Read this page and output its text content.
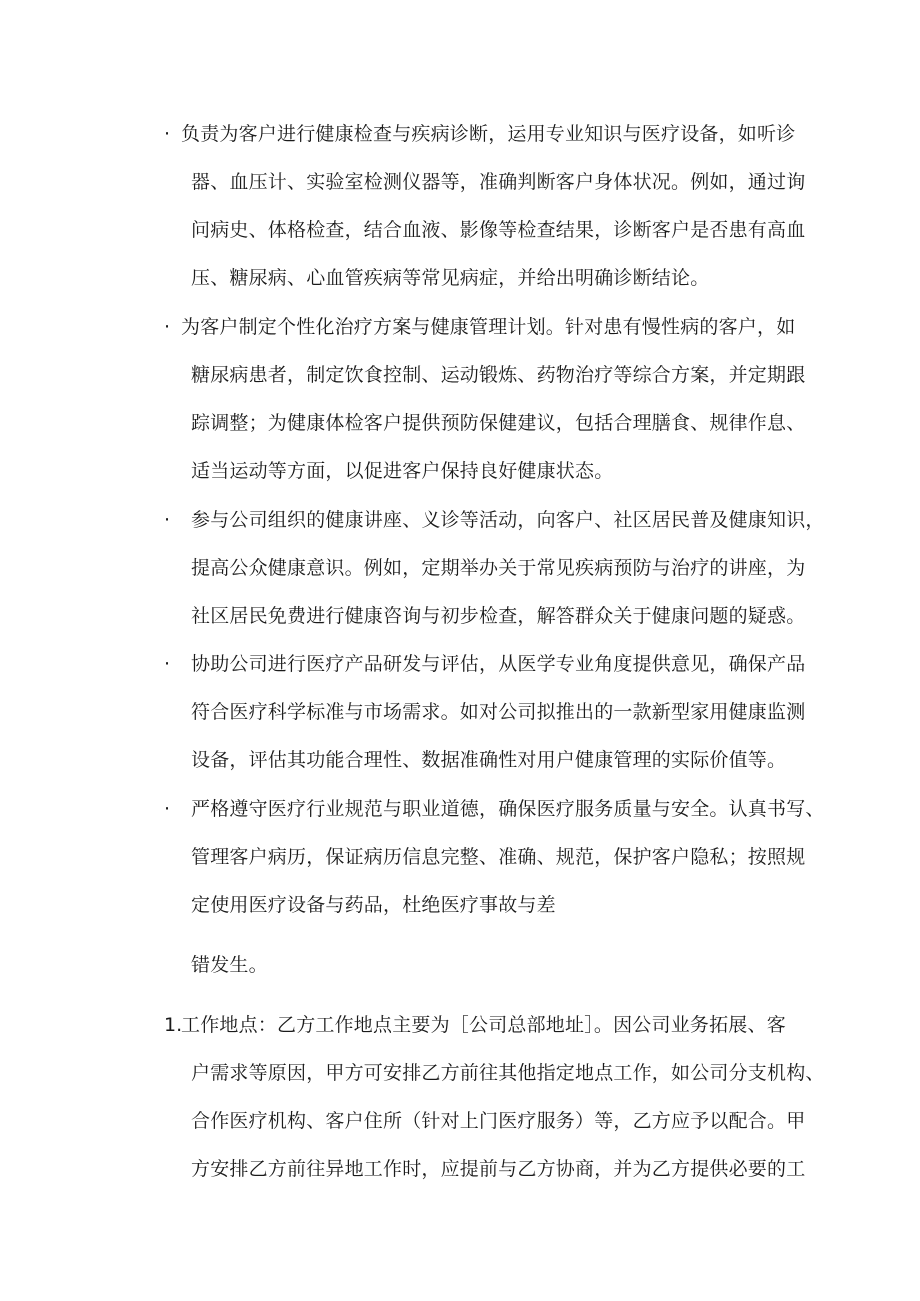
· 负责为客户进行健康检查与疾病诊断，运用专业知识与医疗设备，如听诊
器、血压计、实验室检测仪器等，准确判断客户身体状况。例如，通过询
问病史、体格检查，结合血液、影像等检查结果，诊断客户是否患有高血
压、糖尿病、心血管疾病等常见病症，并给出明确诊断结论。
· 为客户制定个性化治疗方案与健康管理计划。针对患有慢性病的客户，如
糖尿病患者，制定饮食控制、运动锻炼、药物治疗等综合方案，并定期跟
踪调整；为健康体检客户提供预防保健建议，包括合理膳食、规律作息、
适当运动等方面，以促进客户保持良好健康状态。
· 参与公司组织的健康讲座、义诊等活动，向客户、社区居民普及健康知识，
提高公众健康意识。例如，定期举办关于常见疾病预防与治疗的讲座，为
社区居民免费进行健康咨询与初步检查，解答群众关于健康问题的疑惑。
· 协助公司进行医疗产品研发与评估，从医学专业角度提供意见，确保产品
符合医疗科学标准与市场需求。如对公司拟推出的一款新型家用健康监测
设备，评估其功能合理性、数据准确性对用户健康管理的实际价值等。
· 严格遵守医疗行业规范与职业道德，确保医疗服务质量与安全。认真书写、
管理客户病历，保证病历信息完整、准确、规范，保护客户隐私；按照规
定使用医疗设备与药品，杜绝医疗事故与差
错发生。
1.
工作地点：乙方工作地点主要为［公司总部地址］。因公司业务拓展、客
户需求等原因，甲方可安排乙方前往其他指定地点工作，如公司分支机构、
合作医疗机构、客户住所（针对上门医疗服务）等，乙方应予以配合。甲
方安排乙方前往异地工作时，应提前与乙方协商，并为乙方提供必要的工
